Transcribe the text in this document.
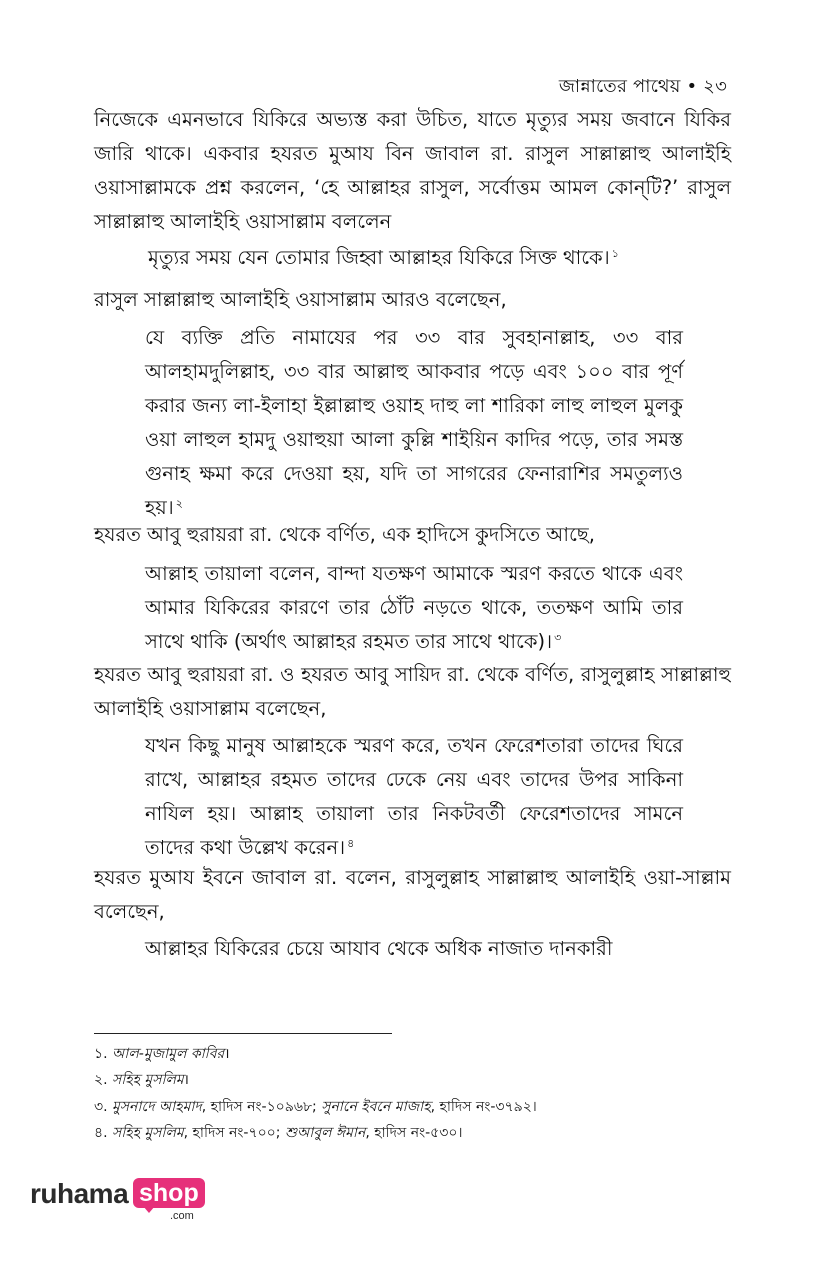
জান্নাতের পাথেয় • ২৩

নিজেকে এমনভাবে যিকিরে অভ্যস্ত করা উচিত, যাতে মৃত্যুর সময় জবানে যিকির জারি থাকে। একবার হযরত মুআয বিন জাবাল রা. রাসুল সাল্লাল্লাহু আলাইহি ওয়াসাল্লামকে প্রশ্ন করলেন, ‘হে আল্লাহর রাসুল, সর্বোত্তম আমল কোন্‌টি?’ রাসুল সাল্লাল্লাহু আলাইহি ওয়াসাল্লাম বললেন

মৃত্যুর সময় যেন তোমার জিহ্বা আল্লাহর যিকিরে সিক্ত থাকে। $^১$

রাসুল সাল্লাল্লাহু আলাইহি ওয়াসাল্লাম আরও বলেছেন,

যে ব্যক্তি প্রতি নামাযের পর ৩৩ বার সুবহানাল্লাহ, ৩৩ বার আলহামদুলিল্লাহ, ৩৩ বার আল্লাহু আকবার পড়ে এবং ১০০ বার পূর্ণ করার জন্য লা-ইলাহা ইল্লাল্লাহু ওয়াহ দাহু লা শারিকা লাহু লাহুল মুলকু ওয়া লাহুল হামদু ওয়াহুয়া আলা কুল্লি শাইয়িন কাদির পড়ে, তার সমস্ত গুনাহ ক্ষমা করে দেওয়া হয়, যদি তা সাগরের ফেনারাশির সমতুল্যও হয়। $^২$

হযরত আবু হুরায়রা রা. থেকে বর্ণিত, এক হাদিসে কুদসিতে আছে,

আল্লাহ তায়ালা বলেন, বান্দা যতক্ষণ আমাকে স্মরণ করতে থাকে এবং আমার যিকিরের কারণে তার ঠোঁট নড়তে থাকে, ততক্ষণ আমি তার সাথে থাকি (অর্থাৎ আল্লাহর রহমত তার সাথে থাকে)। $^৩$

হযরত আবু হুরায়রা রা. ও হযরত আবু সায়িদ রা. থেকে বর্ণিত, রাসুলুল্লাহ সাল্লাল্লাহু আলাইহি ওয়াসাল্লাম বলেছেন,

যখন কিছু মানুষ আল্লাহকে স্মরণ করে, তখন ফেরেশতারা তাদের ঘিরে রাখে, আল্লাহর রহমত তাদের ঢেকে নেয় এবং তাদের উপর সাকিনা নাযিল হয়। আল্লাহ তায়ালা তার নিকটবর্তী ফেরেশতাদের সামনে তাদের কথা উল্লেখ করেন। $^৪$

হযরত মুআয ইবনে জাবাল রা. বলেন, রাসুলুল্লাহ সাল্লাল্লাহু আলাইহি ওয়া-সাল্লাম বলেছেন,

আল্লাহর যিকিরের চেয়ে আযাব থেকে অধিক নাজাত দানকারী

১. আল-মুজামুল কাবির।
২. সহিহ মুসলিম।
৩. মুসনাদে আহমাদ, হাদিস নং-১০৯৬৮; সুনানে ইবনে মাজাহ, হাদিস নং-৩৭৯২।
৪. সহিহ মুসলিম, হাদিস নং-৭০০; শুআবুল ঈমান, হাদিস নং-৫৩০।
ruhama shop
.com
